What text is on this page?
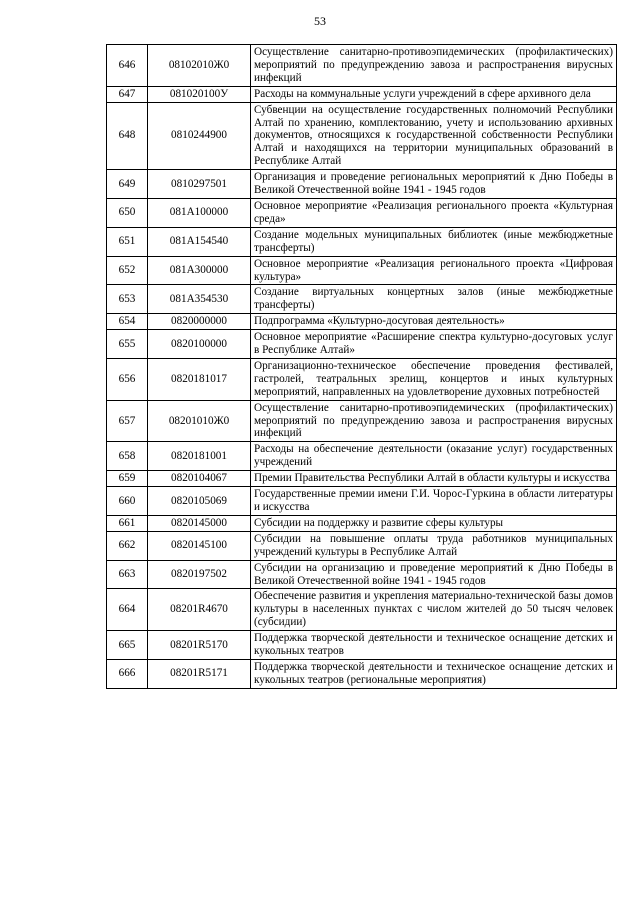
53
646	08102010Ж0	Осуществление санитарно-противоэпидемических (профилактических) мероприятий по предупреждению завоза и распространения вирусных инфекций
647	081020100У	Расходы на коммунальные услуги учреждений в сфере архивного дела
648	0810244900	Субвенции на осуществление государственных полномочий Республики Алтай по хранению, комплектованию, учету и использованию архивных документов, относящихся к государственной собственности Республики Алтай и находящихся на территории муниципальных образований в Республике Алтай
649	0810297501	Организация и проведение региональных мероприятий к Дню Победы в Великой Отечественной войне 1941 - 1945 годов
650	081A100000	Основное мероприятие «Реализация регионального проекта «Культурная среда»
651	081A154540	Создание модельных муниципальных библиотек (иные межбюджетные трансферты)
652	081A300000	Основное мероприятие «Реализация регионального проекта «Цифровая культура»
653	081A354530	Создание виртуальных концертных залов (иные межбюджетные трансферты)
654	0820000000	Подпрограмма «Культурно-досуговая деятельность»
655	0820100000	Основное мероприятие «Расширение спектра культурно-досуговых услуг в Республике Алтай»
656	0820181017	Организационно-техническое обеспечение проведения фестивалей, гастролей, театральных зрелищ, концертов и иных культурных мероприятий, направленных на удовлетворение духовных потребностей
657	08201010Ж0	Осуществление санитарно-противоэпидемических (профилактических) мероприятий по предупреждению завоза и распространения вирусных инфекций
658	0820181001	Расходы на обеспечение деятельности (оказание услуг) государственных учреждений
659	0820104067	Премии Правительства Республики Алтай в области культуры и искусства
660	0820105069	Государственные премии имени Г.И. Чорос-Гуркина в области литературы и искусства
661	0820145000	Субсидии на поддержку и развитие сферы культуры
662	0820145100	Субсидии на повышение оплаты труда работников муниципальных учреждений культуры в Республике Алтай
663	0820197502	Субсидии на организацию и проведение мероприятий к Дню Победы в Великой Отечественной войне 1941 - 1945 годов
664	08201R4670	Обеспечение развития и укрепления материально-технической базы домов культуры в населенных пунктах с числом жителей до 50 тысяч человек (субсидии)
665	08201R5170	Поддержка творческой деятельности и техническое оснащение детских и кукольных театров
666	08201R5171	Поддержка творческой деятельности и техническое оснащение детских и кукольных театров (региональные мероприятия)
